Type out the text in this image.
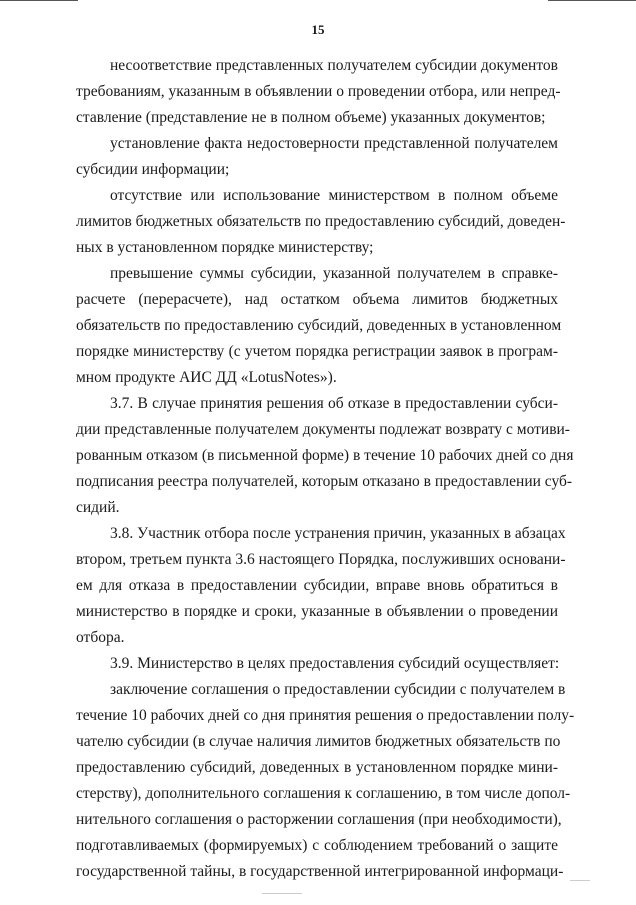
15
несоответствие представленных получателем субсидии документов
требованиям, указанным в объявлении о проведении отбора, или непред-
ставление (представление не в полном объеме) указанных документов;
установление факта недостоверности представленной получателем
субсидии информации;
отсутствие или использование министерством в полном объеме
лимитов бюджетных обязательств по предоставлению субсидий, доведен-
ных в установленном порядке министерству;
превышение суммы субсидии, указанной получателем в справке-
расчете (перерасчете), над остатком объема лимитов бюджетных
обязательств по предоставлению субсидий, доведенных в установленном
порядке министерству (с учетом порядка регистрации заявок в програм-
мном продукте АИС ДД «LotusNotes»).
3.7. В случае принятия решения об отказе в предоставлении субси-
дии представленные получателем документы подлежат возврату с мотиви-
рованным отказом (в письменной форме) в течение 10 рабочих дней со дня
подписания реестра получателей, которым отказано в предоставлении суб-
сидий.
3.8. Участник отбора после устранения причин, указанных в абзацах
втором, третьем пункта 3.6 настоящего Порядка, послуживших основани-
ем для отказа в предоставлении субсидии, вправе вновь обратиться в
министерство в порядке и сроки, указанные в объявлении о проведении
отбора.
3.9. Министерство в целях предоставления субсидий осуществляет:
заключение соглашения о предоставлении субсидии с получателем в
течение 10 рабочих дней со дня принятия решения о предоставлении полу-
чателю субсидии (в случае наличия лимитов бюджетных обязательств по
предоставлению субсидий, доведенных в установленном порядке мини-
стерству), дополнительного соглашения к соглашению, в том числе допол-
нительного соглашения о расторжении соглашения (при необходимости),
подготавливаемых (формируемых) с соблюдением требований о защите
государственной тайны, в государственной интегрированной информаци-
